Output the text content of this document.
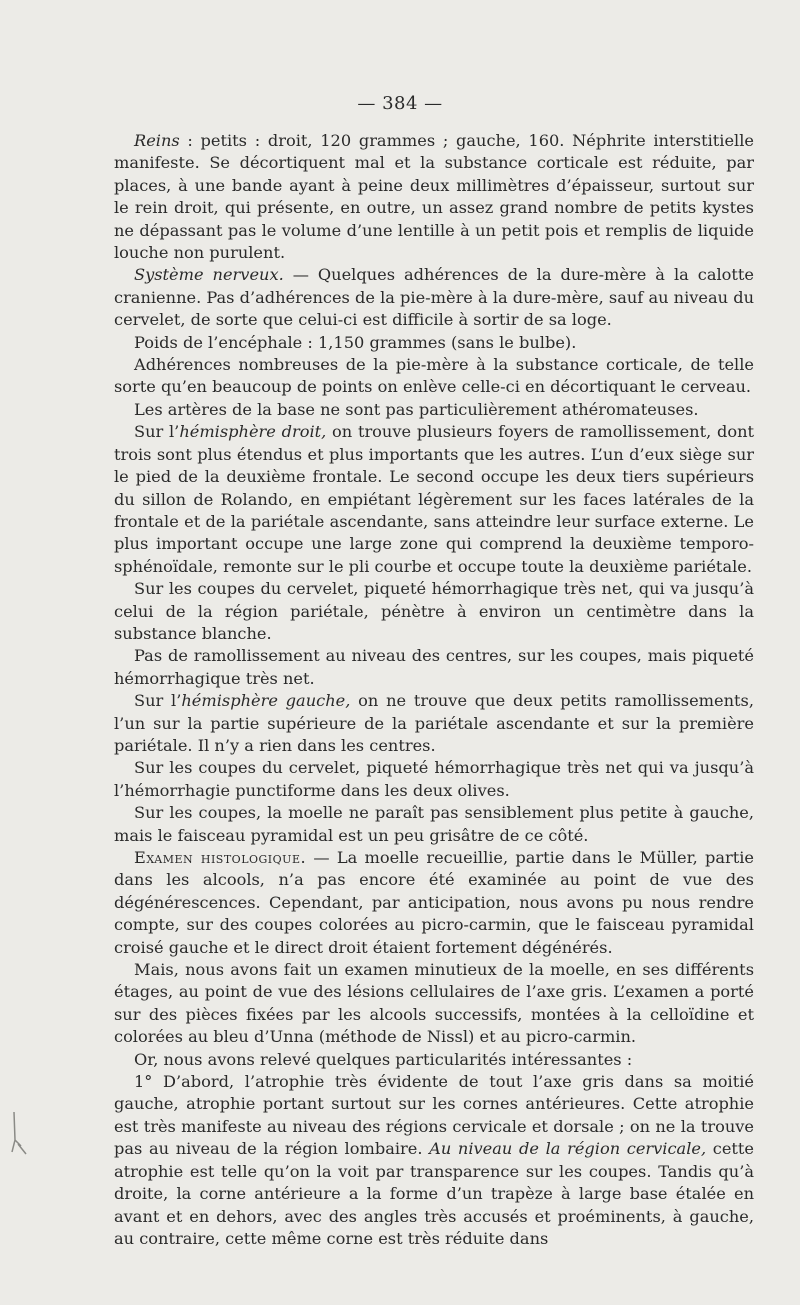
— 384 —

Reins : petits : droit, 120 grammes ; gauche, 160. Néphrite interstitielle manifeste. Se décortiquent mal et la substance corticale est réduite, par places, à une bande ayant à peine deux millimètres d’épaisseur, surtout sur le rein droit, qui présente, en outre, un assez grand nombre de petits kystes ne dépassant pas le volume d’une lentille à un petit pois et remplis de liquide louche non purulent.

Système nerveux. — Quelques adhérences de la dure-mère à la calotte cranienne. Pas d’adhérences de la pie-mère à la dure-mère, sauf au niveau du cervelet, de sorte que celui-ci est difficile à sortir de sa loge.

Poids de l’encéphale : 1,150 grammes (sans le bulbe).

Adhérences nombreuses de la pie-mère à la substance corticale, de telle sorte qu’en beaucoup de points on enlève celle-ci en décortiquant le cerveau.

Les artères de la base ne sont pas particulièrement athéromateuses.

Sur l’hémisphère droit, on trouve plusieurs foyers de ramollissement, dont trois sont plus étendus et plus importants que les autres. L’un d’eux siège sur le pied de la deuxième frontale. Le second occupe les deux tiers supérieurs du sillon de Rolando, en empiétant légèrement sur les faces latérales de la frontale et de la pariétale ascendante, sans atteindre leur surface externe. Le plus important occupe une large zone qui comprend la deuxième temporo-sphénoïdale, remonte sur le pli courbe et occupe toute la deuxième pariétale.

Sur les coupes du cervelet, piqueté hémorrhagique très net, qui va jusqu’à celui de la région pariétale, pénètre à environ un centimètre dans la substance blanche.

Pas de ramollissement au niveau des centres, sur les coupes, mais piqueté hémorrhagique très net.

Sur l’hémisphère gauche, on ne trouve que deux petits ramollissements, l’un sur la partie supérieure de la pariétale ascendante et sur la première pariétale. Il n’y a rien dans les centres.

Sur les coupes du cervelet, piqueté hémorrhagique très net qui va jusqu’à l’hémorrhagie punctiforme dans les deux olives.

Sur les coupes, la moelle ne paraît pas sensiblement plus petite à gauche, mais le faisceau pyramidal est un peu grisâtre de ce côté.

Examen histologique. — La moelle recueillie, partie dans le Müller, partie dans les alcools, n’a pas encore été examinée au point de vue des dégénérescences. Cependant, par anticipation, nous avons pu nous rendre compte, sur des coupes colorées au picro-carmin, que le faisceau pyramidal croisé gauche et le direct droit étaient fortement dégénérés.

Mais, nous avons fait un examen minutieux de la moelle, en ses différents étages, au point de vue des lésions cellulaires de l’axe gris. L’examen a porté sur des pièces fixées par les alcools successifs, montées à la celloïdine et colorées au bleu d’Unna (méthode de Nissl) et au picro-carmin.

Or, nous avons relevé quelques particularités intéressantes :

1° D’abord, l’atrophie très évidente de tout l’axe gris dans sa moitié gauche, atrophie portant surtout sur les cornes antérieures. Cette atrophie est très manifeste au niveau des régions cervicale et dorsale ; on ne la trouve pas au niveau de la région lombaire. Au niveau de la région cervicale, cette atrophie est telle qu’on la voit par transparence sur les coupes. Tandis qu’à droite, la corne antérieure a la forme d’un trapèze à large base étalée en avant et en dehors, avec des angles très accusés et proéminents, à gauche, au contraire, cette même corne est très réduite dans
